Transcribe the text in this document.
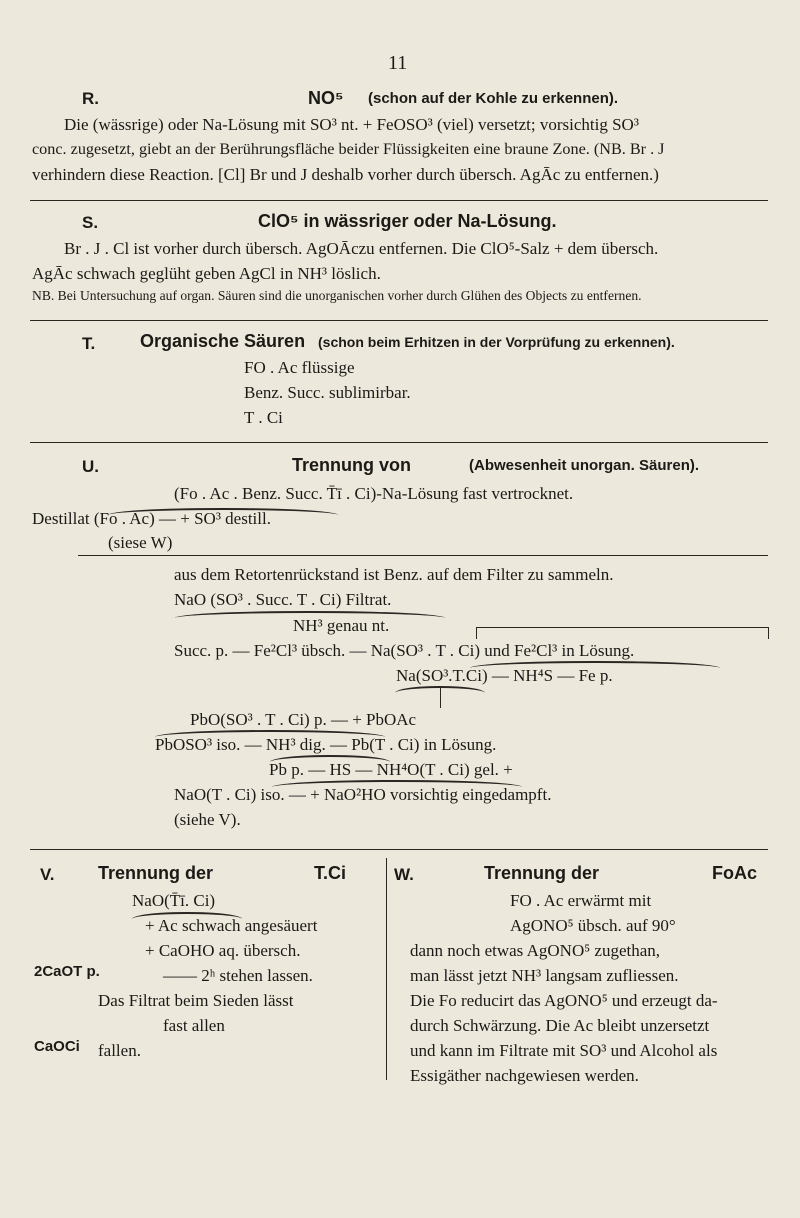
11
R.	NO⁵ (schon auf der Kohle zu erkennen).
Die (wässrige) oder Na-Lösung mit SO³ nt. + FeOSO³ (viel) versetzt; vorsichtig SO³
conc. zugesetzt, giebt an der Berührungsfläche beider Flüssigkeiten eine braune Zone. (NB. Br . J
verhindern diese Reaction. [Cl] Br und J deshalb vorher durch übersch. AgĀc zu entfernen.)
S.	ClO⁵ in wässriger oder Na-Lösung.
Br . J . Cl ist vorher durch übersch. AgOĀczu entfernen. Die ClO⁵-Salz + dem übersch.
AgĀc schwach geglüht geben AgCl in NH³ löslich.
NB. Bei Untersuchung auf organ. Säuren sind die unorganischen vorher durch Glühen des Objects zu entfernen.
T. Organische Säuren (schon beim Erhitzen in der Vorprüfung zu erkennen).
FO . Ac flüssige
Benz. Succ. sublimirbar.
T . Ci
U.	Trennung von	(Abwesenheit unorgan. Säuren).
(Fo . Ac . Benz. Succ. T̄ī . Ci)-Na-Lösung fast vertrocknet.
Destillat (Fo . Ac) — + SO³ destill.
(siese W)
aus dem Retortenrückstand ist Benz. auf dem Filter zu sammeln.
NaO (SO³ . Succ. T . Ci) Filtrat.
NH³ genau nt.
Succ. p. — Fe²Cl³ übsch. — Na(SO³ . T . Ci) und Fe²Cl³ in Lösung.
Na(SO³.T.Ci) — NH⁴S — Fe p.
PbO(SO³ . T . Ci) p. — + PbOAc
PbOSO³ iso. — NH³ dig. — Pb(T . Ci) in Lösung.
Pb p. — HS — NH⁴O(T . Ci) gel. +
NaO(T . Ci) iso. — + NaO²HO vorsichtig eingedampft.
(siehe V).
V. Trennung der	T.Ci
NaO(T̄ī. Ci)
+ Ac schwach angesäuert
+ CaOHO aq. übersch.
2CaOT p.	—— 2ʰ stehen lassen.
Das Filtrat beim Sieden lässt
fast allen
CaOCi fallen.
W.	Trennung der	FoAc
FO . Ac erwärmt mit
AgONO⁵ übsch. auf 90°
dann noch etwas AgONO⁵ zugethan,
man lässt jetzt NH³ langsam zufliessen.
Die Fo reducirt das AgONO⁵ und erzeugt da-
durch Schwärzung. Die Ac bleibt unzersetzt
und kann im Filtrate mit SO³ und Alcohol als
Essigäther nachgewiesen werden.
